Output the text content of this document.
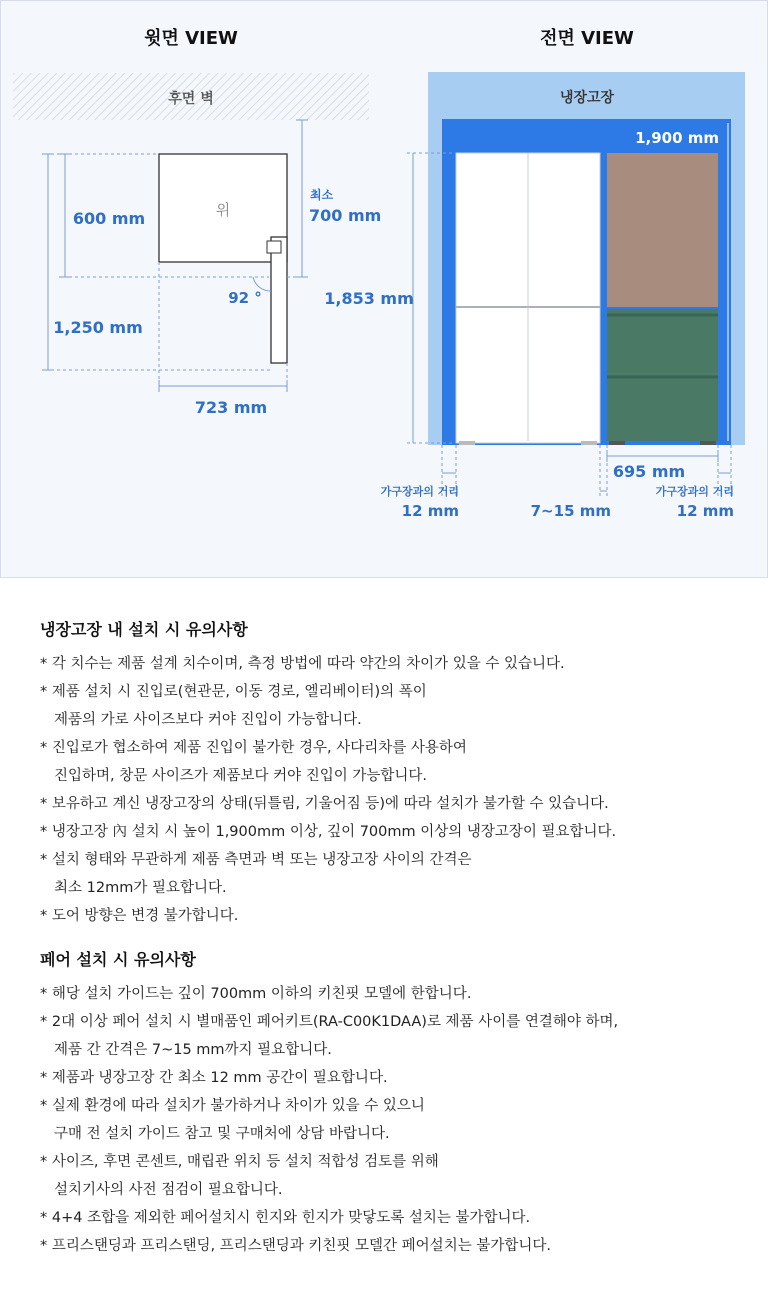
윗면 VIEW
후면 벽
위
92 °
600 mm
1,250 mm
최소
700 mm
723 mm
전면 VIEW
냉장고장
1,900 mm
1,853 mm
695 mm
가구장과의 거리
12 mm	7~15 mm
가구장과의 거리
12 mm
냉장고장 내 설치 시 유의사항
* 각 치수는 제품 설계 치수이며, 측정 방법에 따라 약간의 차이가 있을 수 있습니다.
* 제품 설치 시 진입로(현관문, 이동 경로, 엘리베이터)의 폭이
제품의 가로 사이즈보다 커야 진입이 가능합니다.
* 진입로가 협소하여 제품 진입이 불가한 경우, 사다리차를 사용하여
진입하며, 창문 사이즈가 제품보다 커야 진입이 가능합니다.
* 보유하고 계신 냉장고장의 상태(뒤틀림, 기울어짐 등)에 따라 설치가 불가할 수 있습니다.
* 냉장고장 內 설치 시 높이 1,900mm 이상, 깊이 700mm 이상의 냉장고장이 필요합니다.
* 설치 형태와 무관하게 제품 측면과 벽 또는 냉장고장 사이의 간격은
최소 12mm가 필요합니다.
* 도어 방향은 변경 불가합니다.
페어 설치 시 유의사항
* 해당 설치 가이드는 깊이 700mm 이하의 키친핏 모델에 한합니다.
* 2대 이상 페어 설치 시 별매품인 페어키트(RA-C00K1DAA)로 제품 사이를 연결해야 하며,
제품 간 간격은 7~15 mm까지 필요합니다.
* 제품과 냉장고장 간 최소 12 mm 공간이 필요합니다.
* 실제 환경에 따라 설치가 불가하거나 차이가 있을 수 있으니
구매 전 설치 가이드 참고 및 구매처에 상담 바랍니다.
* 사이즈, 후면 콘센트, 매립관 위치 등 설치 적합성 검토를 위해
설치기사의 사전 점검이 필요합니다.
* 4+4 조합을 제외한 페어설치시 힌지와 힌지가 맞닿도록 설치는 불가합니다.
* 프리스탠딩과 프리스탠딩, 프리스탠딩과 키친핏 모델간 페어설치는 불가합니다.
